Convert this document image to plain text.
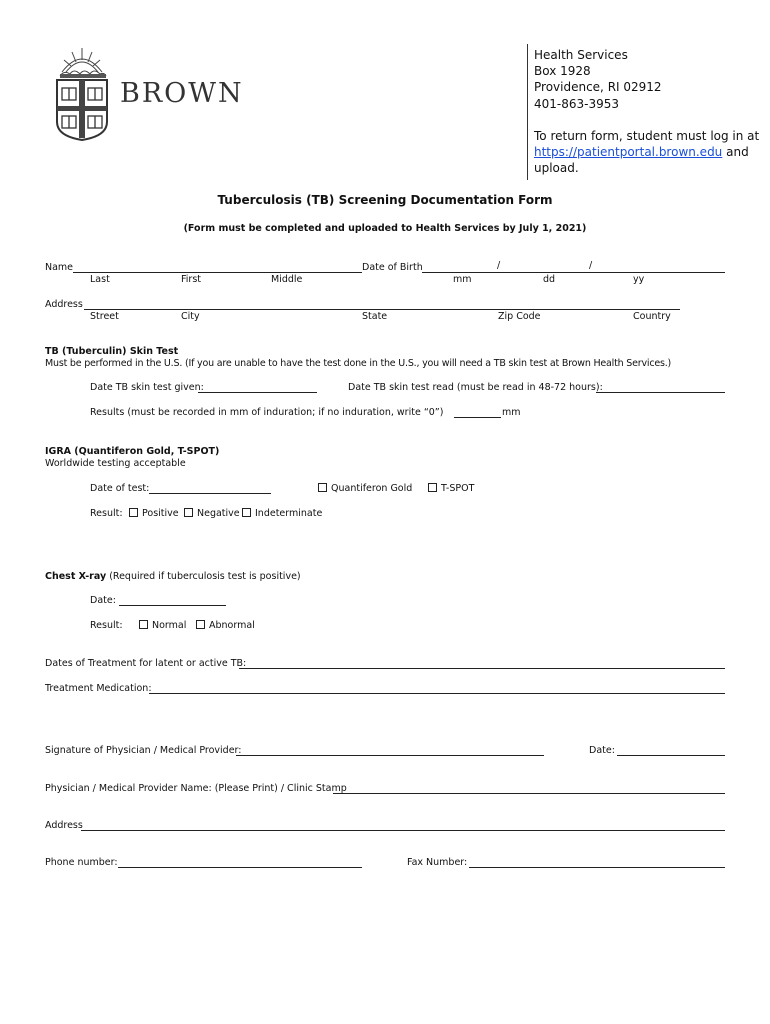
BROWN
Health Services
Box 1928
Providence, RI 02912
401-863-3953
To return form, student must log in at
https://patientportal.brown.edu and
upload.
Tuberculosis (TB) Screening Documentation Form
(Form must be completed and uploaded to Health Services by July 1, 2021)
Name	Date of Birth	/	/
Last	First	Middle	mm	dd	yy
Address
Street	City	State	Zip Code	Country
TB (Tuberculin) Skin Test
Must be performed in the U.S. (If you are unable to have the test done in the U.S., you will need a TB skin test at Brown Health Services.)
Date TB skin test given:	Date TB skin test read (must be read in 48-72 hours):
Results (must be recorded in mm of induration; if no induration, write “0”)	mm
IGRA (Quantiferon Gold, T-SPOT)
Worldwide testing acceptable
Date of test:	Quantiferon Gold	T-SPOT
Result:	Positive	Negative	Indeterminate
Chest X-ray (Required if tuberculosis test is positive)
Date:
Result:	Normal	Abnormal
Dates of Treatment for latent or active TB:
Treatment Medication:
Signature of Physician / Medical Provider:	Date:
Physician / Medical Provider Name: (Please Print) / Clinic Stamp
Address
Phone number:	Fax Number:
